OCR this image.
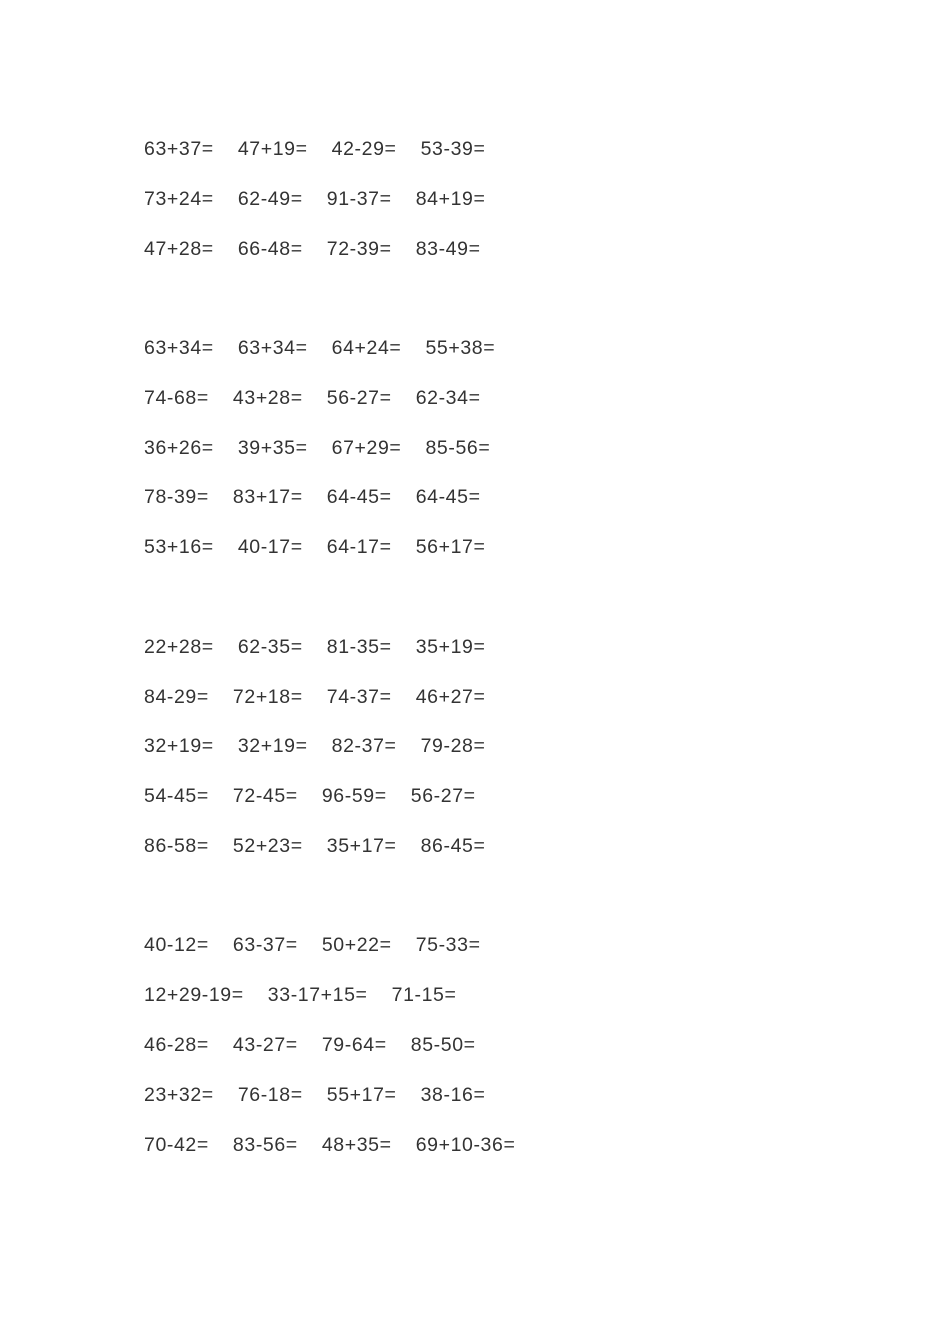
63+37=    47+19=    42-29=    53-39=
73+24=    62-49=    91-37=    84+19=
47+28=    66-48=    72-39=    83-49=
63+34=    63+34=    64+24=    55+38=
74-68=    43+28=    56-27=    62-34=
36+26=    39+35=    67+29=    85-56=
78-39=    83+17=    64-45=    64-45=
53+16=    40-17=    64-17=    56+17=
22+28=    62-35=    81-35=    35+19=
84-29=    72+18=    74-37=    46+27=
32+19=    32+19=    82-37=    79-28=
54-45=    72-45=    96-59=    56-27=
86-58=    52+23=    35+17=    86-45=
40-12=    63-37=    50+22=    75-33=
12+29-19=    33-17+15=    71-15=
46-28=    43-27=    79-64=    85-50=
23+32=    76-18=    55+17=    38-16=
70-42=    83-56=    48+35=    69+10-36=
